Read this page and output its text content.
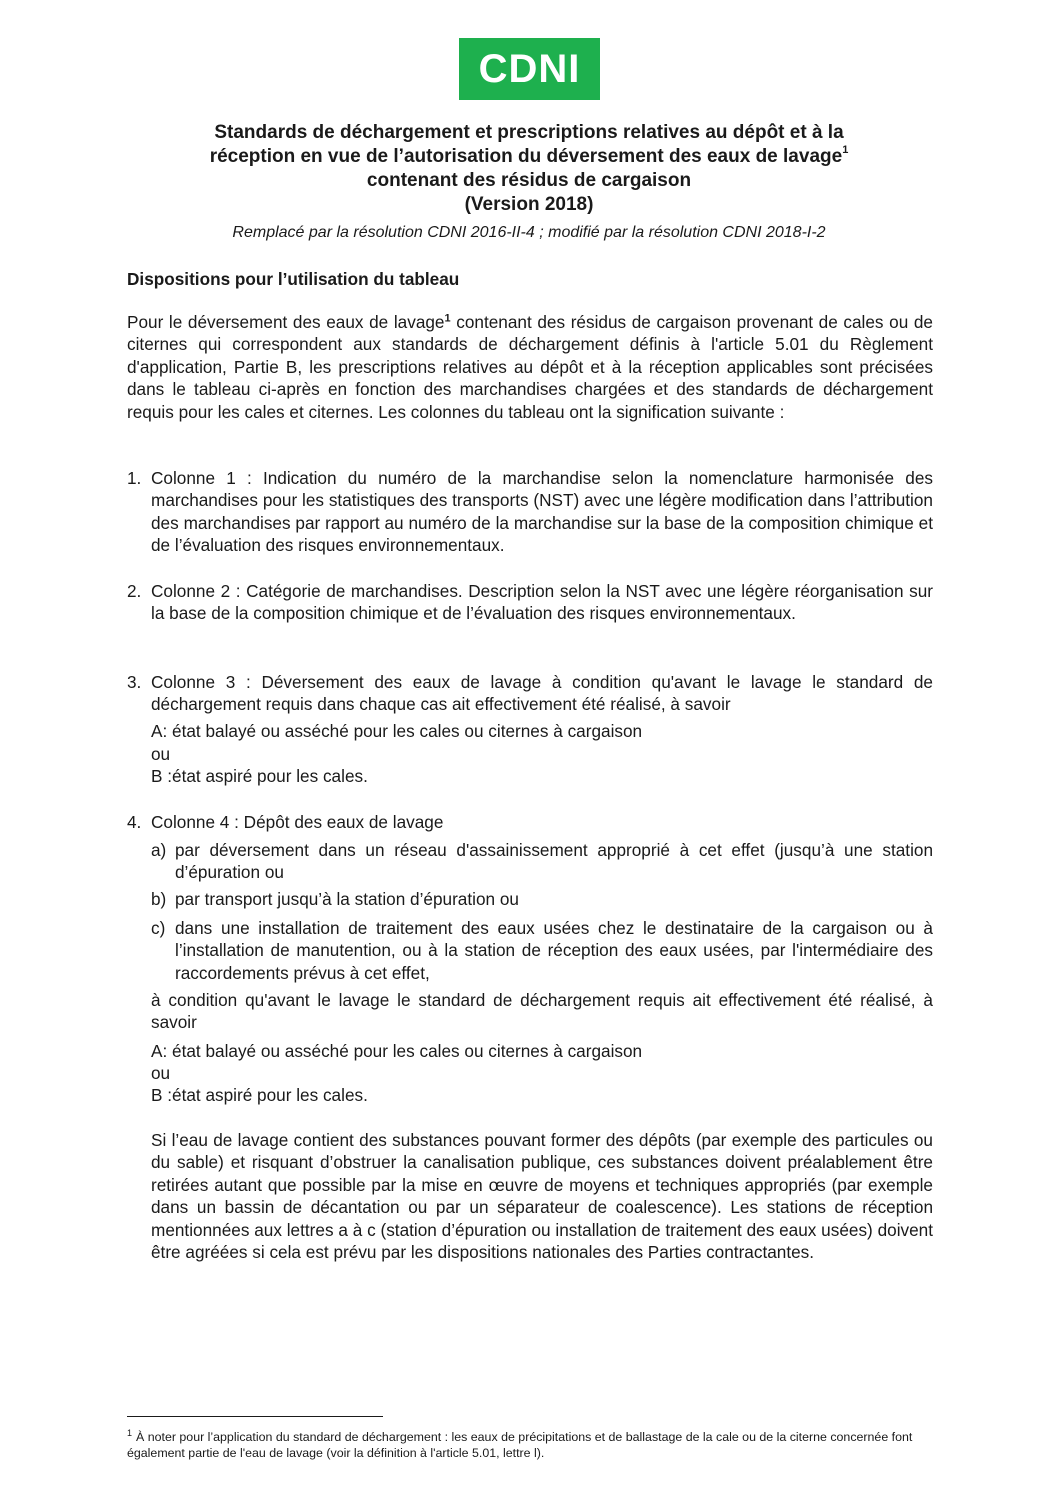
CDNI
Standards de déchargement et prescriptions relatives au dépôt et à la
réception en vue de l’autorisation du déversement des eaux de lavage$^1$
contenant des résidus de cargaison
(Version 2018)
Remplacé par la résolution CDNI 2016-II-4 ; modifié par la résolution CDNI 2018-I-2
Dispositions pour l’utilisation du tableau
Pour le déversement des eaux de lavage$^1$ contenant des résidus de cargaison provenant de cales ou de citernes qui correspondent aux standards de déchargement définis à l'article 5.01 du Règlement d'application, Partie B, les prescriptions relatives au dépôt et à la réception applicables sont précisées dans le tableau ci-après en fonction des marchandises chargées et des standards de déchargement requis pour les cales et citernes. Les colonnes du tableau ont la signification suivante :
1. Colonne 1 : Indication du numéro de la marchandise selon la nomenclature harmonisée des marchandises pour les statistiques des transports (NST) avec une légère modification dans l’attribution des marchandises par rapport au numéro de la marchandise sur la base de la composition chimique et de l’évaluation des risques environnementaux.
2. Colonne 2 : Catégorie de marchandises. Description selon la NST avec une légère réorganisation sur la base de la composition chimique et de l’évaluation des risques environnementaux.
3. Colonne 3 : Déversement des eaux de lavage à condition qu'avant le lavage le standard de déchargement requis dans chaque cas ait effectivement été réalisé, à savoir
A: état balayé ou asséché pour les cales ou citernes à cargaison
ou
B :état aspiré pour les cales.
4. Colonne 4 : Dépôt des eaux de lavage
a) par déversement dans un réseau d'assainissement approprié à cet effet (jusqu’à une station d’épuration ou
b) par transport jusqu’à la station d’épuration ou
c) dans une installation de traitement des eaux usées chez le destinataire de la cargaison ou à l’installation de manutention, ou à la station de réception des eaux usées, par l'intermédiaire des raccordements prévus à cet effet,
à condition qu'avant le lavage le standard de déchargement requis ait effectivement été réalisé, à savoir
A: état balayé ou asséché pour les cales ou citernes à cargaison
ou
B :état aspiré pour les cales.
Si l’eau de lavage contient des substances pouvant former des dépôts (par exemple des particules ou du sable) et risquant d’obstruer la canalisation publique, ces substances doivent préalablement être retirées autant que possible par la mise en œuvre de moyens et techniques appropriés (par exemple dans un bassin de décantation ou par un séparateur de coalescence). Les stations de réception mentionnées aux lettres a à c (station d’épuration ou installation de traitement des eaux usées) doivent être agréées si cela est prévu par les dispositions nationales des Parties contractantes.
$^1$ À noter pour l’application du standard de déchargement : les eaux de précipitations et de ballastage de la cale ou de la citerne concernée font également partie de l'eau de lavage (voir la définition à l'article 5.01, lettre l).
